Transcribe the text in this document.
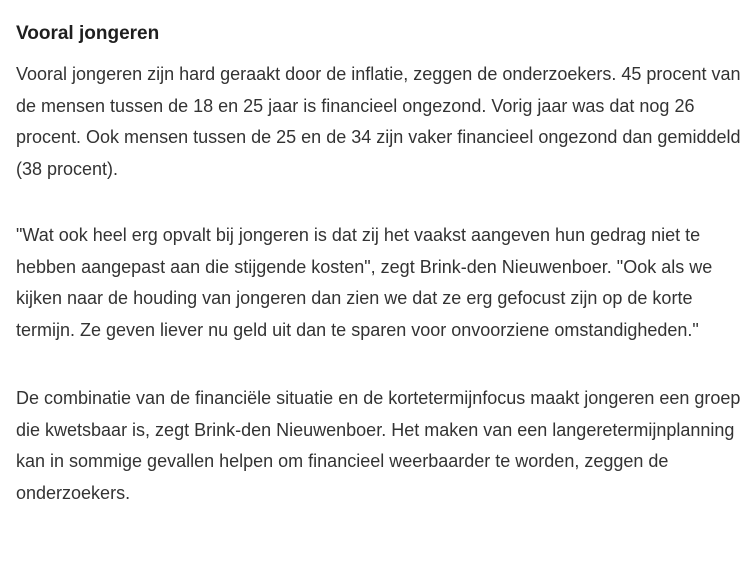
Vooral jongeren

Vooral jongeren zijn hard geraakt door de inflatie, zeggen de onderzoekers. 45 procent van de mensen tussen de 18 en 25 jaar is financieel ongezond. Vorig jaar was dat nog 26 procent. Ook mensen tussen de 25 en de 34 zijn vaker financieel ongezond dan gemiddeld (38 procent).

"Wat ook heel erg opvalt bij jongeren is dat zij het vaakst aangeven hun gedrag niet te hebben aangepast aan die stijgende kosten", zegt Brink-den Nieuwenboer. "Ook als we kijken naar de houding van jongeren dan zien we dat ze erg gefocust zijn op de korte termijn. Ze geven liever nu geld uit dan te sparen voor onvoorziene omstandigheden."

De combinatie van de financiële situatie en de kortetermijnfocus maakt jongeren een groep die kwetsbaar is, zegt Brink-den Nieuwenboer. Het maken van een langeretermijnplanning kan in sommige gevallen helpen om financieel weerbaarder te worden, zeggen de onderzoekers.
